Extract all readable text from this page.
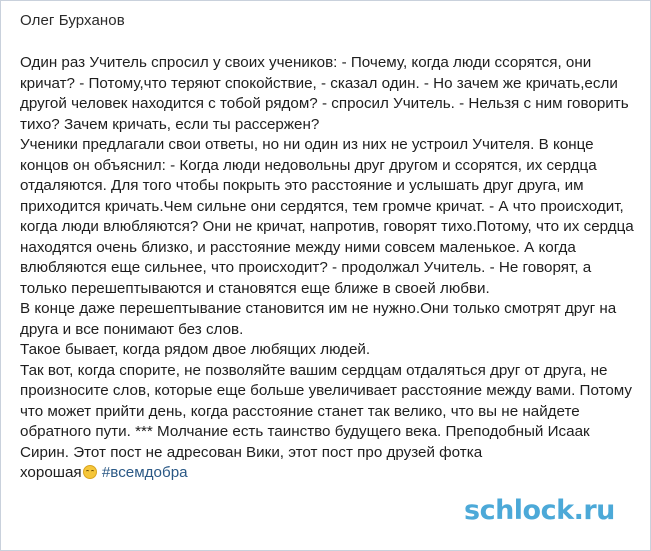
Олег Бурханов
Один раз Учитель спросил у своих учеников: - Почему, когда люди ссорятся, они кричат? - Потому,что теряют спокойствие, - сказал один. - Но зачем же кричать,если другой человек находится с тобой рядом? - спросил Учитель. - Нельзя с ним говорить тихо? Зачем кричать, если ты рассержен?
Ученики предлагали свои ответы, но ни один из них не устроил Учителя. В конце концов он объяснил: - Когда люди недовольны друг другом и ссорятся, их сердца отдаляются. Для того чтобы покрыть это расстояние и услышать друг друга, им приходится кричать.Чем сильне они сердятся, тем громче кричат. - А что происходит, когда люди влюбляются? Они не кричат, напротив, говорят тихо.Потому, что их сердца находятся очень близко, и расстояние между ними совсем маленькое. А когда влюбляются еще сильнее, что происходит? - продолжал Учитель. - Не говорят, а только перешептываются и становятся еще ближе в своей любви.
В конце даже перешептывание становится им не нужно.Они только смотрят друг на друга и все понимают без слов.
Такое бывает, когда рядом двое любящих людей.
Так вот, когда спорите, не позволяйте вашим сердцам отдаляться друг от друга, не произносите слов, которые еще больше увеличивает расстояние между вами. Потому что может прийти день, когда расстояние станет так велико, что вы не найдете обратного пути. *** Молчание есть таинство будущего века. Преподобный Исаак Сирин. Этот пост не адресован Вики, этот пост про друзей фотка
хорошая #всемдобра
schlock.ru
